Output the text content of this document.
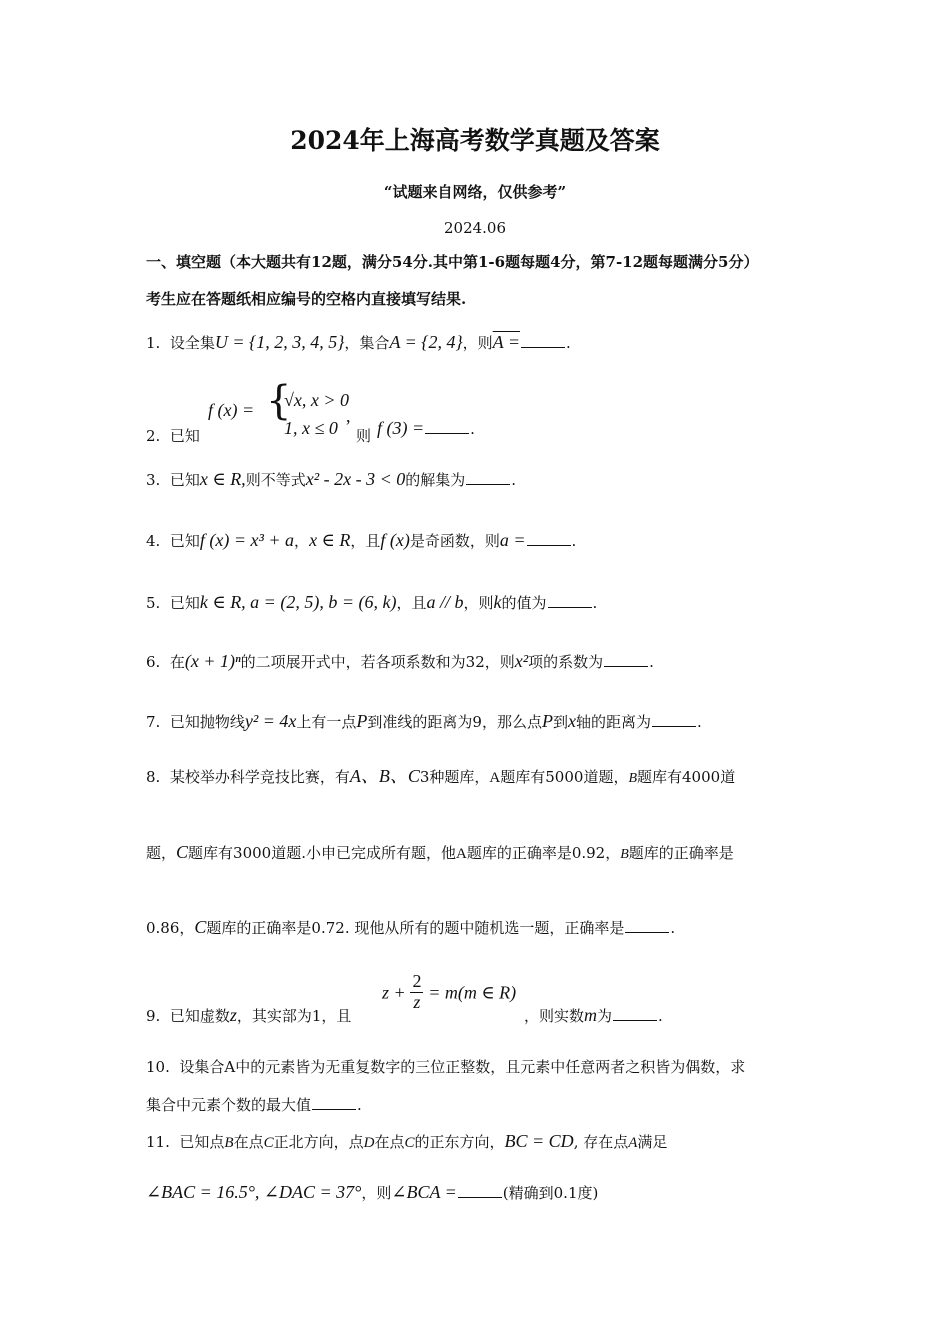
2024年上海高考数学真题及答案
“试题来自网络，仅供参考”
2024.06
一、填空题（本大题共有12题，满分54分.其中第1-6题每题4分，第7-12题每题满分5分）
考生应在答题纸相应编号的空格内直接填写结果.
1. 设全集U = {1, 2, 3, 4, 5}，集合A = {2, 4}，则A =	.
2. 已知
f (x) = {
√x, x > 0
1, x ≤ 0
,
则 f (3) =	.
3. 已知x ∈ R,则不等式x² - 2x - 3 < 0的解集为	.
4. 已知f (x) = x³ + a，x ∈ R，且f (x)是奇函数，则a =	.
5. 已知k ∈ R, a = (2, 5), b = (6, k)，且a // b，则k的值为	.
6. 在(x + 1)ⁿ的二项展开式中，若各项系数和为32，则x²项的系数为	.
7. 已知抛物线y² = 4x上有一点P到准线的距离为9，那么点P到x轴的距离为	.
8. 某校举办科学竞技比赛，有A、B、C3种题库，A题库有5000道题，B题库有4000道
题，C题库有3000道题.小申已完成所有题，他A题库的正确率是0.92，B题库的正确率是
0.86，C题库的正确率是0.72. 现他从所有的题中随机选一题，正确率是	.
9. 已知虚数z，其实部为1，且
$z + \frac{2}{z} = m(m$ ∈ R)
，则实数m为	.
10. 设集合A中的元素皆为无重复数字的三位正整数，且元素中任意两者之积皆为偶数，求
集合中元素个数的最大值	.
11. 已知点B在点C正北方向，点D在点C的正东方向，BC = CD, 存在点A满足
∠BAC = 16.5°, ∠DAC = 37°，则∠BCA =	(精确到0.1度)
